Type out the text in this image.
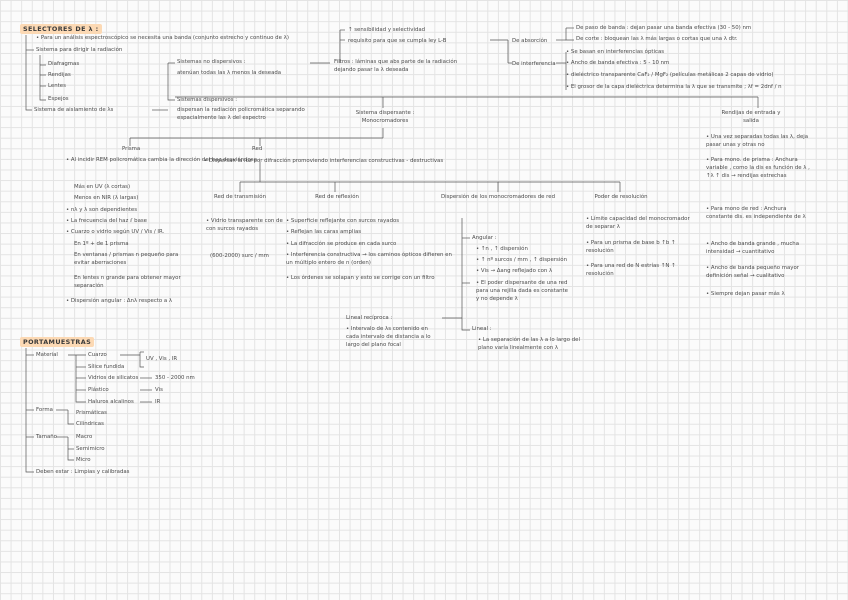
SELECTORES DE λ :
• Para un análisis espectroscópico se necesita una banda (conjunto estrecho y continuo de λ)
Sistema para dirigir la radiación
Diafragmas
Rendijas
Lentes
Espejos
Sistema de aislamiento de λs
Sistemas no dispersivos :
atenúan todas las λ menos la deseada
Filtros : láminas que abs parte de la radiación dejando pasar la λ deseada
Sistemas dispersivos :
dispersan la radiación policromática separando espacialmente las λ del espectro
↑ sensibilidad y selectividad
requisito para que se cumpla ley L-B	De absorción
De interferencia
De paso de banda : dejan pasar una banda efectiva (30 - 50) nm
De corte : bloquean las λ más largas o cortas que una λ dtr.
• Se basan en interferencias ópticas
• Ancho de banda efectiva : 5 - 10 nm
• dieléctrico transparente CaF₂ / MgF₂ (películas metálicas 2 capas de vidrio)
• El grosor de la capa dieléctrica determina la λ que se transmite ; λf = 2dnf / n
Sistema dispersante : Monocromadores
Prisma
• Al incidir REM policromática cambia la dirección del haz desviándose :
Más en UV (λ cortas)
Menos en NIR (λ largas)
• nλ y λ son dependientes
• La frecuencia del haz ⫽ base
• Cuarzo o vidrio según UV / Vis / IR.
En 1º + de 1 prisma
En ventanas / prismas n pequeño para evitar aberraciones
En lentes n grande para obtener mayor separación
• Dispersión angular : Δnλ respecto a λ
Red
• Dispersan la luz por difracción promoviendo interferencias constructivas - destructivas
Red de transmisión
• Vidrio transparente con de con surcos rayados
(600-2000) surc / mm
Red de reflexión
• Superficie reflejante con surcos rayados
• Reflejan las caras amplias
• La difracción se produce en cada surco
• Interferencia constructiva → los caminos ópticos difieren en un múltiplo entero de n (orden)
• Los órdenes se solapan y esto se corrige con un filtro
Dispersión de los monocromadores de red
Angular :
• ↑n , ↑ dispersión
• ↑ nº surcos / mm , ↑ dispersión
• Vis → Δang reflejado con λ
• El poder dispersante de una red para una rejilla dada es constante y no depende λ
Lineal :
• La separación de las λ a lo largo del plano varía linealmente con λ
Lineal recíproca :
• Intervalo de λs contenido en cada intervalo de distancia a lo largo del plano focal
Poder de resolución
• Límite capacidad del monocromador de separar λ
• Para un prisma de base b ↑b ↑ resolución
• Para una red de N estrías ↑N ↑ resolución
Rendijas de entrada y salida
• Una vez separadas todas las λ, deja pasar unas y otras no
• Para mono. de prisma : Anchura variable , como la dis es función de λ , ↑λ ↑ dis → rendijas estrechas
• Para mono de red : Anchura constante dis. es independiente de λ
• Ancho de banda grande , mucha intensidad → cuantitativo
• Ancho de banda pequeño mayor definición señal → cualitativo
• Siempre dejan pasar más λ
PORTAMUESTRAS
Material	Cuarzo
UV , Vis , IR
Sílice fundida
Vidrios de silicatos	350 - 2000 nm
Plástico	Vis
Haluros alcalinos	IR
Forma	Prismáticas
Cilíndricas
Tamaño	Macro
Semimicro
Micro
Deben estar : Limpias y calibradas
